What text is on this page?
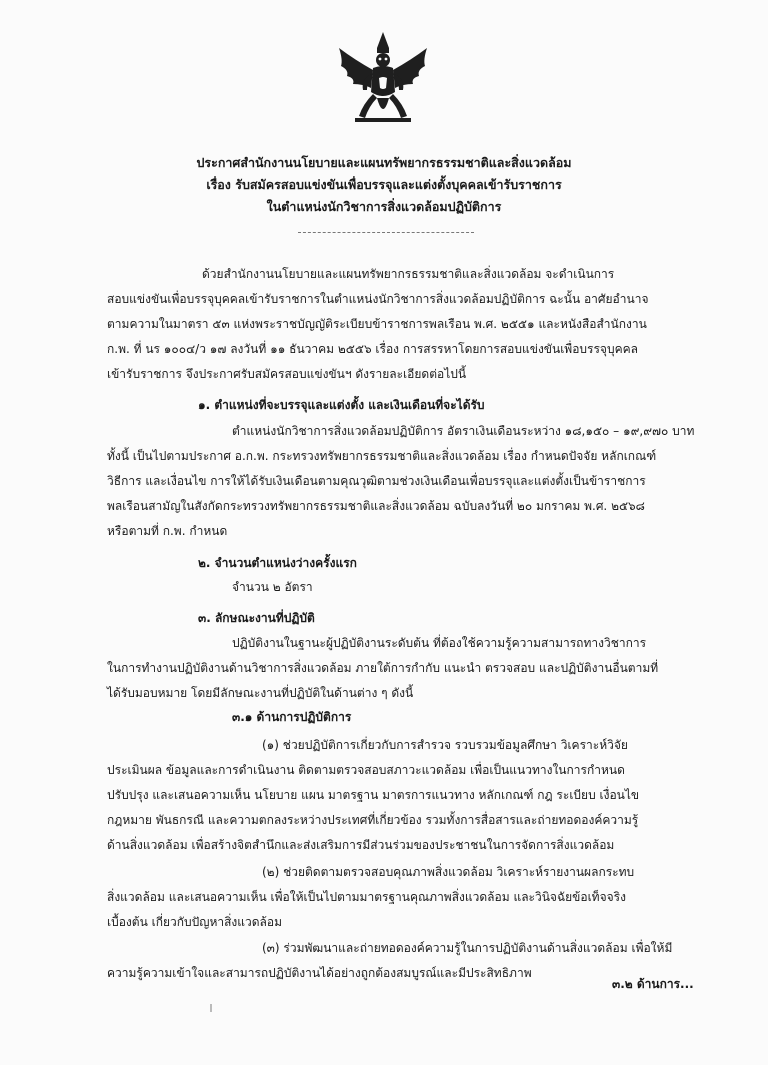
ประกาศสำนักงานนโยบายและแผนทรัพยากรธรรมชาติและสิ่งแวดล้อม
เรื่อง รับสมัครสอบแข่งขันเพื่อบรรจุและแต่งตั้งบุคคลเข้ารับราชการ
ในตำแหน่งนักวิชาการสิ่งแวดล้อมปฏิบัติการ
ด้วยสำนักงานนโยบายและแผนทรัพยากรธรรมชาติและสิ่งแวดล้อม จะดำเนินการ
สอบแข่งขันเพื่อบรรจุบุคคลเข้ารับราชการในตำแหน่งนักวิชาการสิ่งแวดล้อมปฏิบัติการ ฉะนั้น อาศัยอำนาจ
ตามความในมาตรา ๕๓ แห่งพระราชบัญญัติระเบียบข้าราชการพลเรือน พ.ศ. ๒๕๕๑ และหนังสือสำนักงาน
ก.พ. ที่ นร ๑๐๐๔/ว ๑๗ ลงวันที่ ๑๑ ธันวาคม ๒๕๕๖ เรื่อง การสรรหาโดยการสอบแข่งขันเพื่อบรรจุบุคคล
เข้ารับราชการ จึงประกาศรับสมัครสอบแข่งขันฯ ดังรายละเอียดต่อไปนี้
๑. ตำแหน่งที่จะบรรจุและแต่งตั้ง และเงินเดือนที่จะได้รับ
ตำแหน่งนักวิชาการสิ่งแวดล้อมปฏิบัติการ อัตราเงินเดือนระหว่าง ๑๘,๑๕๐ – ๑๙,๙๗๐ บาท
ทั้งนี้ เป็นไปตามประกาศ อ.ก.พ. กระทรวงทรัพยากรธรรมชาติและสิ่งแวดล้อม เรื่อง กำหนดปัจจัย หลักเกณฑ์
วิธีการ และเงื่อนไข การให้ได้รับเงินเดือนตามคุณวุฒิตามช่วงเงินเดือนเพื่อบรรจุและแต่งตั้งเป็นข้าราชการ
พลเรือนสามัญในสังกัดกระทรวงทรัพยากรธรรมชาติและสิ่งแวดล้อม ฉบับลงวันที่ ๒๐ มกราคม พ.ศ. ๒๕๖๘
หรือตามที่ ก.พ. กำหนด
๒. จำนวนตำแหน่งว่างครั้งแรก
จำนวน ๒ อัตรา
๓. ลักษณะงานที่ปฏิบัติ
ปฏิบัติงานในฐานะผู้ปฏิบัติงานระดับต้น ที่ต้องใช้ความรู้ความสามารถทางวิชาการ
ในการทำงานปฏิบัติงานด้านวิชาการสิ่งแวดล้อม ภายใต้การกำกับ แนะนำ ตรวจสอบ และปฏิบัติงานอื่นตามที่
ได้รับมอบหมาย โดยมีลักษณะงานที่ปฏิบัติในด้านต่าง ๆ ดังนี้
๓.๑ ด้านการปฏิบัติการ
(๑) ช่วยปฏิบัติการเกี่ยวกับการสำรวจ รวบรวมข้อมูลศึกษา วิเคราะห์วิจัย
ประเมินผล ข้อมูลและการดำเนินงาน ติดตามตรวจสอบสภาวะแวดล้อม เพื่อเป็นแนวทางในการกำหนด
ปรับปรุง และเสนอความเห็น นโยบาย แผน มาตรฐาน มาตรการแนวทาง หลักเกณฑ์ กฎ ระเบียบ เงื่อนไข
กฎหมาย พันธกรณี และความตกลงระหว่างประเทศที่เกี่ยวข้อง รวมทั้งการสื่อสารและถ่ายทอดองค์ความรู้
ด้านสิ่งแวดล้อม เพื่อสร้างจิตสำนึกและส่งเสริมการมีส่วนร่วมของประชาชนในการจัดการสิ่งแวดล้อม
(๒) ช่วยติดตามตรวจสอบคุณภาพสิ่งแวดล้อม วิเคราะห์รายงานผลกระทบ
สิ่งแวดล้อม และเสนอความเห็น เพื่อให้เป็นไปตามมาตรฐานคุณภาพสิ่งแวดล้อม และวินิจฉัยข้อเท็จจริง
เบื้องต้น เกี่ยวกับปัญหาสิ่งแวดล้อม
(๓) ร่วมพัฒนาและถ่ายทอดองค์ความรู้ในการปฏิบัติงานด้านสิ่งแวดล้อม เพื่อให้มี
ความรู้ความเข้าใจและสามารถปฏิบัติงานได้อย่างถูกต้องสมบูรณ์และมีประสิทธิภาพ
๓.๒ ด้านการ...
